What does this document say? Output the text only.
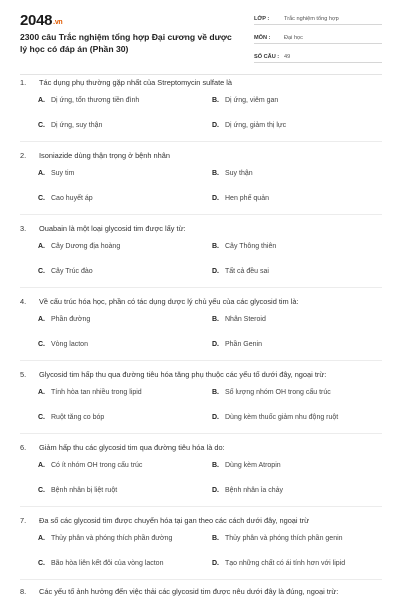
2048.vn
2300 câu Trắc nghiệm tổng hợp Đại cương về dược lý học có đáp án (Phần 30)
LỚP :	Trắc nghiệm tổng hợp
MÔN :	Đại học
SỐ CÂU : 49
1. Tác dụng phụ thường gặp nhất của Streptomycin sulfate là
A. Dị ứng, tổn thương tiền đình	B. Dị ứng, viêm gan
C. Dị ứng, suy thận	D. Dị ứng, giảm thị lực
2. Isoniazide dùng thận trọng ở bệnh nhân
A. Suy tim	B. Suy thận
C. Cao huyết áp	D. Hen phế quản
3. Ouabain là một loại glycosid tim được lấy từ:
A. Cây Dương địa hoàng	B. Cây Thông thiên
C. Cây Trúc đào	D. Tất cả đều sai
4. Về cấu trúc hóa học, phần có tác dụng dược lý chủ yếu của các glycosid tim là:
A. Phần đường	B. Nhân Steroid
C. Vòng lacton	D. Phần Genin
5. Glycosid tim hấp thu qua đường tiêu hóa tăng phụ thuộc các yếu tố dưới đây, ngoại trừ:
A. Tính hòa tan nhiều trong lipid	B. Số lượng nhóm OH trong cấu trúc
C. Ruột tăng co bóp	D. Dùng kèm thuốc giảm nhu động ruột
6. Giảm hấp thu các glycosid tim qua đường tiêu hóa là do:
A. Có ít nhóm OH trong cấu trúc	B. Dùng kèm Atropin
C. Bệnh nhân bị liệt ruột	D. Bệnh nhân ỉa chảy
7. Đa số các glycosid tim được chuyển hóa tại gan theo các cách dưới đây, ngoại trừ
A. Thủy phân và phóng thích phần đường	B. Thủy phân và phóng thích phần genin
C. Bão hòa liên kết đôi của vòng lacton	D. Tạo những chất có ái tính hơn với lipid
8. Các yếu tố ảnh hưởng đến việc thải các glycosid tim được nêu dưới đây là đúng, ngoại trừ:
